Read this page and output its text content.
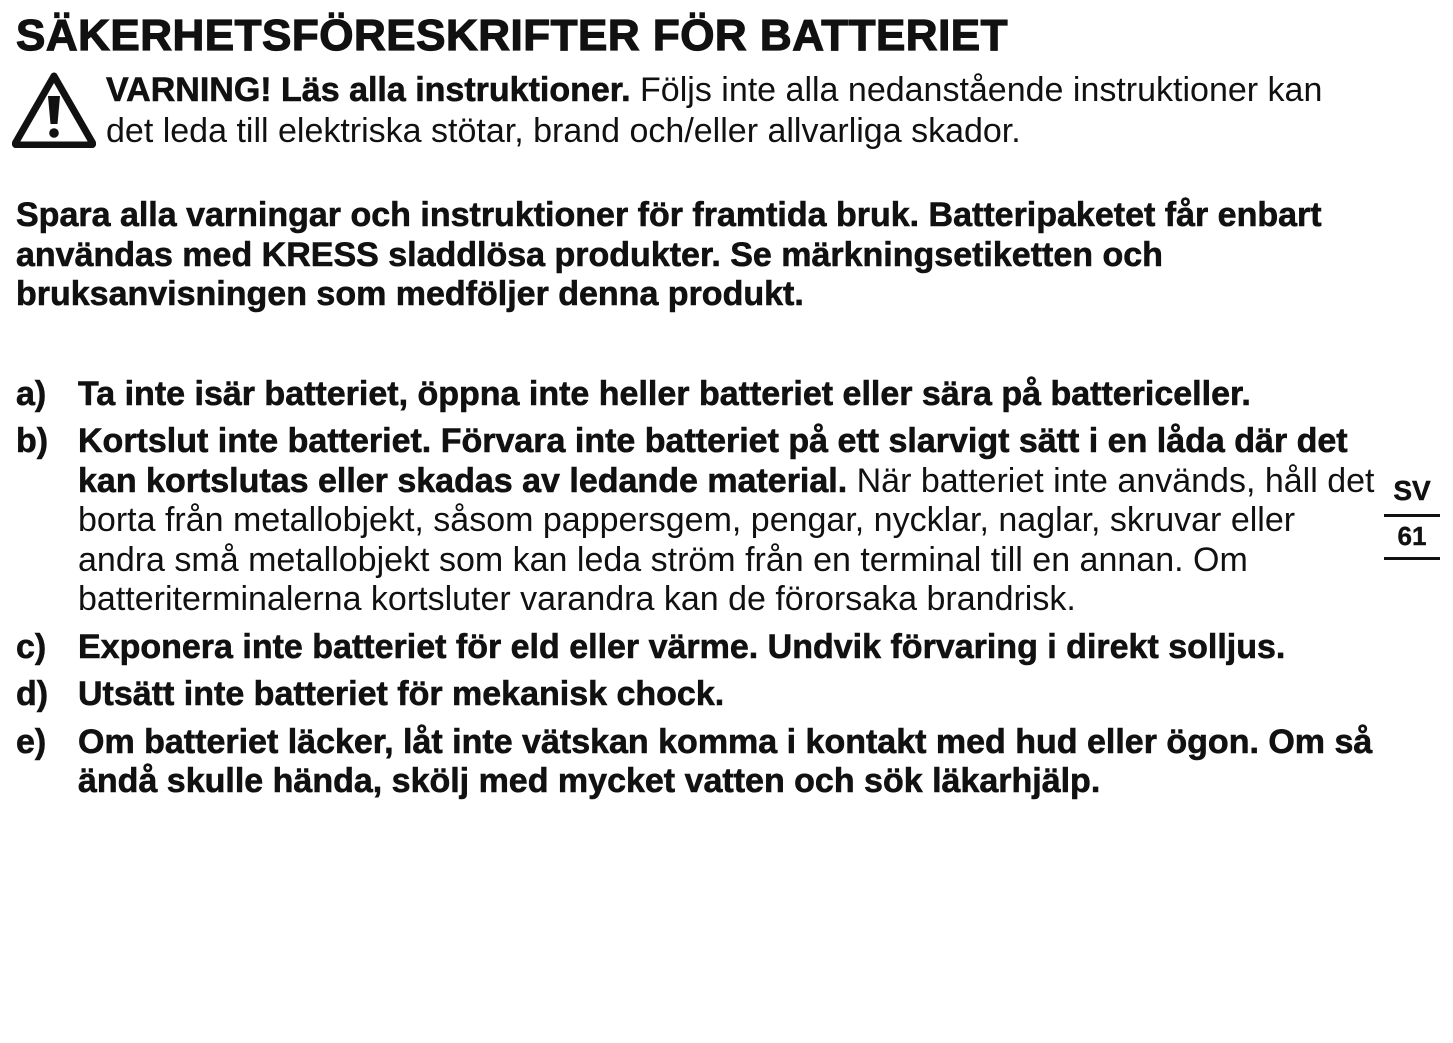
SÄKERHETSFÖRESKRIFTER FÖR BATTERIET
VARNING! Läs alla instruktioner. Följs inte alla nedanstående instruktioner kan det leda till elektriska stötar, brand och/eller allvarliga skador.
Spara alla varningar och instruktioner för framtida bruk. Batteripaketet får enbart användas med KRESS sladdlösa produkter. Se märkningsetiketten och bruksanvisningen som medföljer denna produkt.
a) Ta inte isär batteriet, öppna inte heller batteriet eller sära på battericeller.
b) Kortslut inte batteriet. Förvara inte batteriet på ett slarvigt sätt i en låda där det kan kortslutas eller skadas av ledande material. När batteriet inte används, håll det borta från metallobjekt, såsom pappersgem, pengar, nycklar, naglar, skruvar eller andra små metallobjekt som kan leda ström från en terminal till en annan. Om batteriterminalerna kortsluter varandra kan de förorsaka brandrisk.
c) Exponera inte batteriet för eld eller värme. Undvik förvaring i direkt solljus.
d) Utsätt inte batteriet för mekanisk chock.
e) Om batteriet läcker, låt inte vätskan komma i kontakt med hud eller ögon. Om så ändå skulle hända, skölj med mycket vatten och sök läkarhjälp.
SV
61
